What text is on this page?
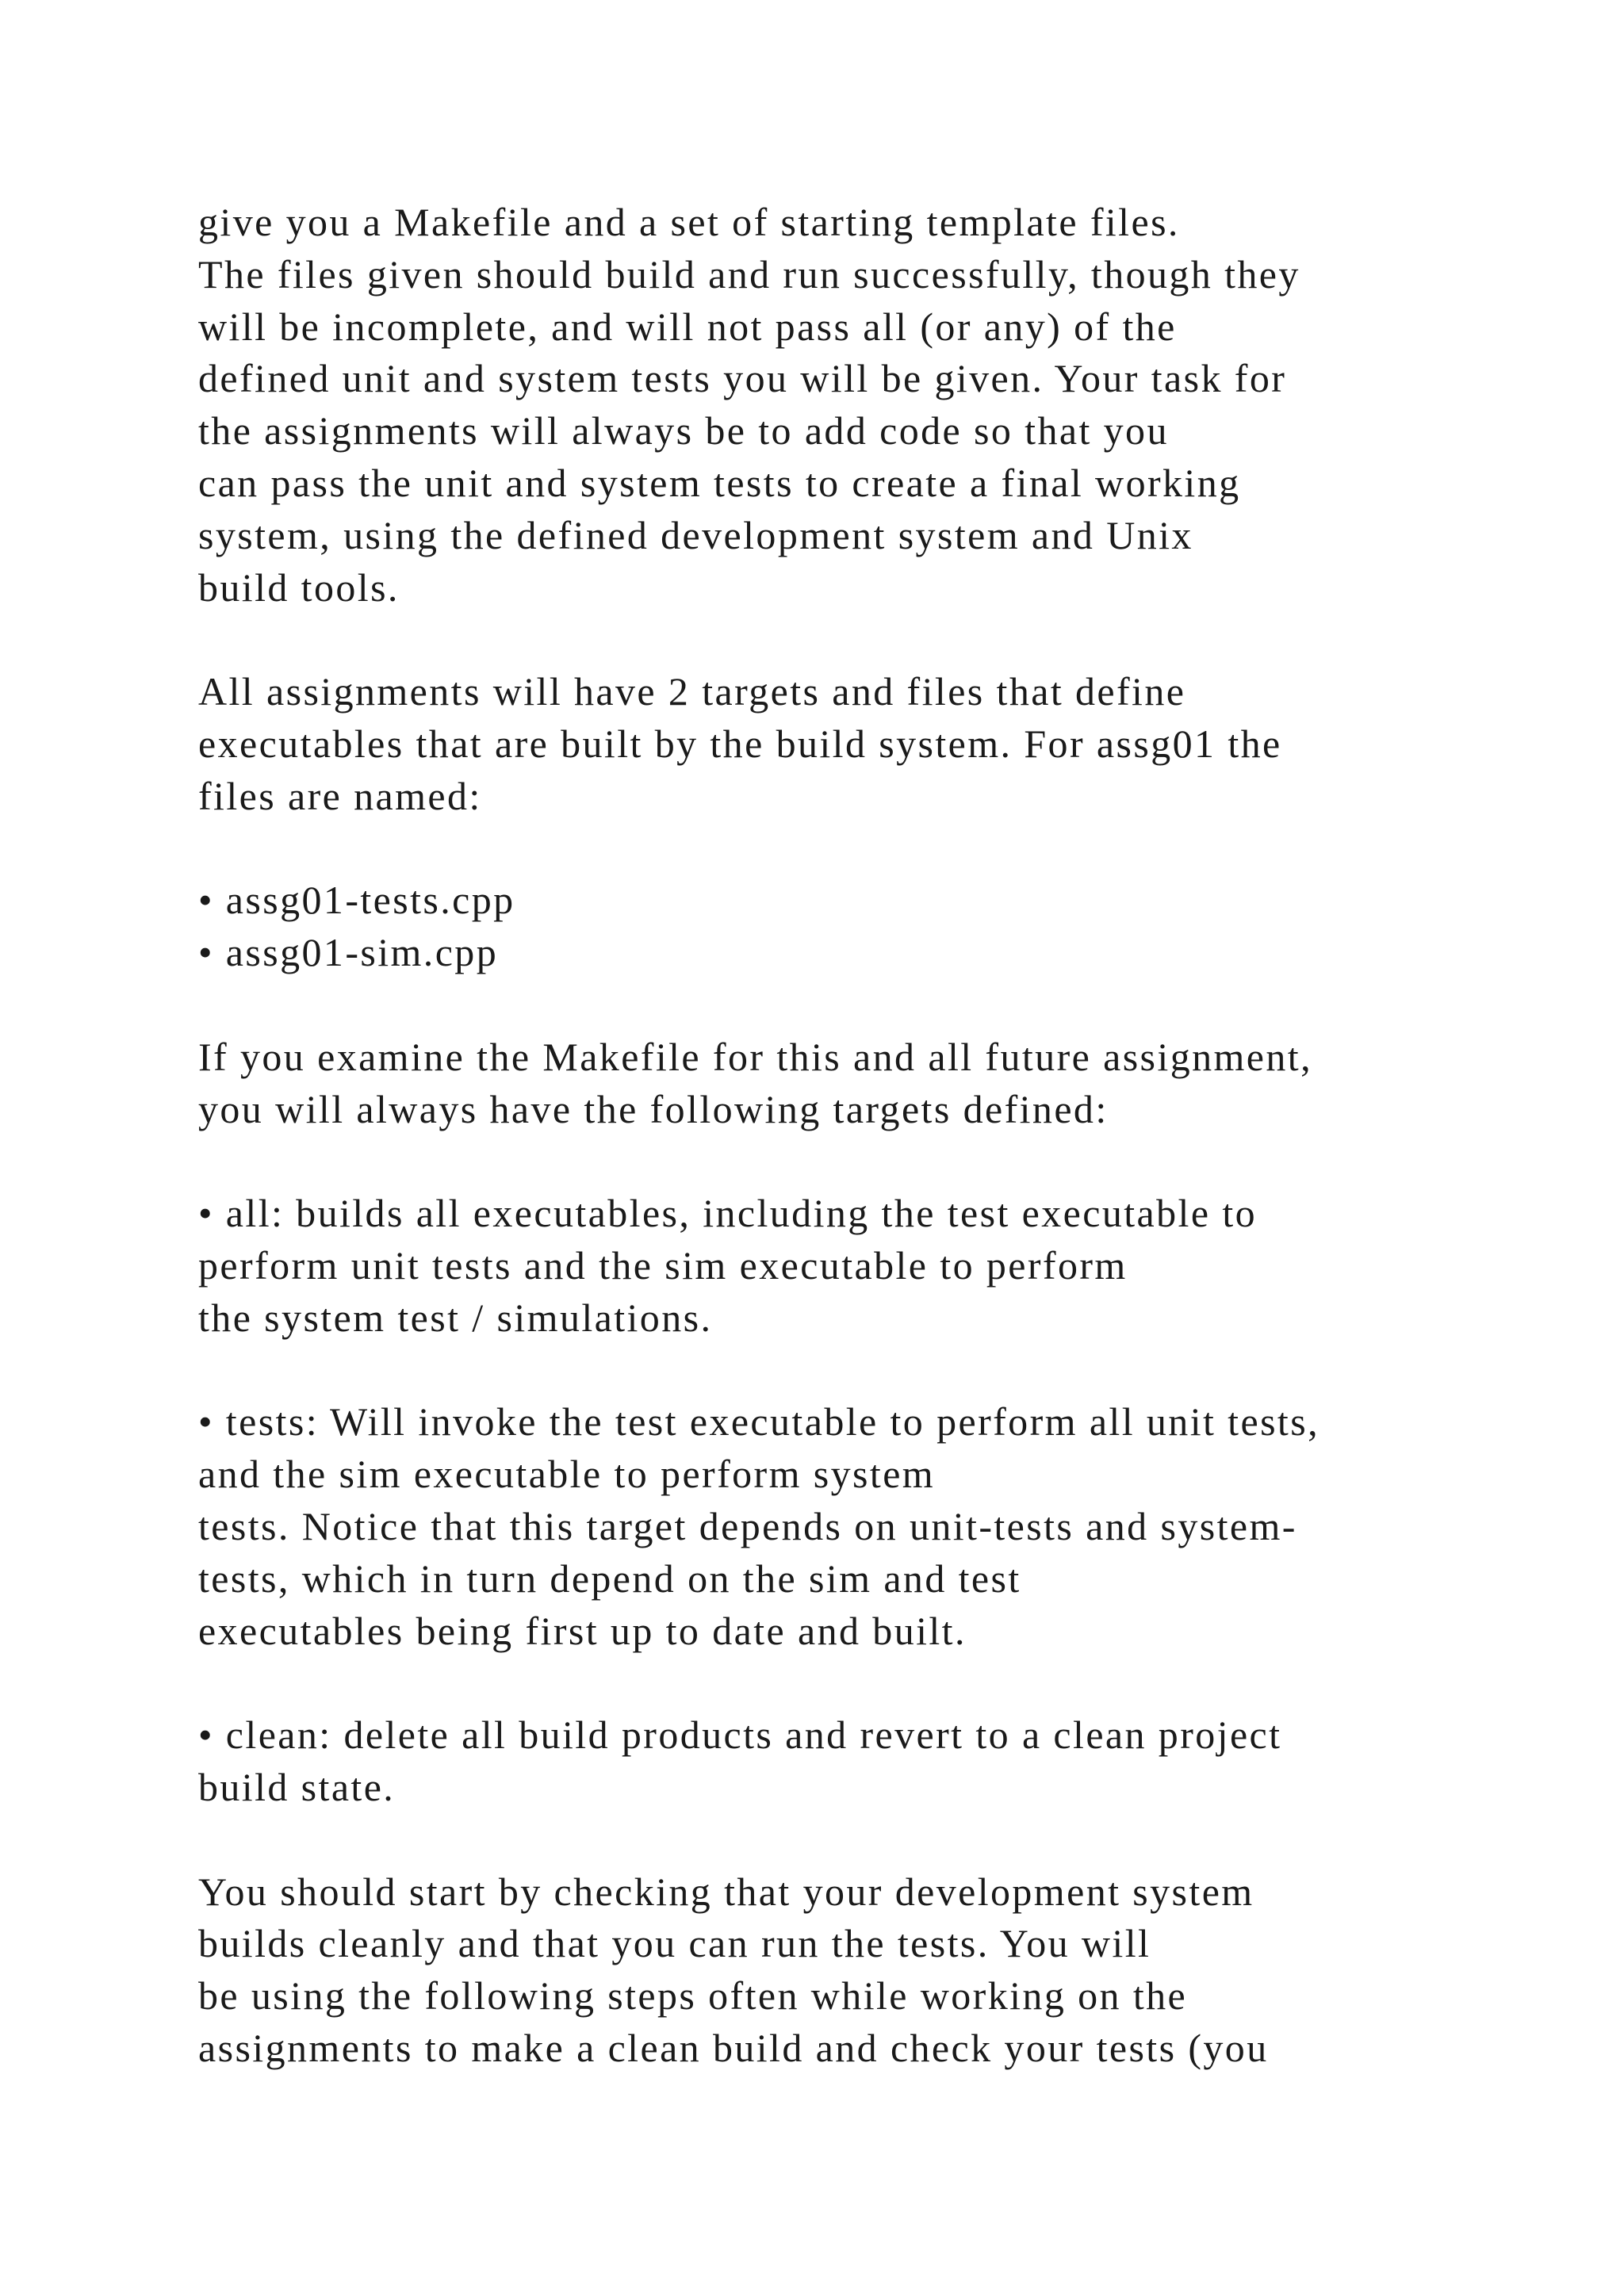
give you a Makefile and a set of starting template files.
The files given should build and run successfully, though they
will be incomplete, and will not pass all (or any) of the
defined unit and system tests you will be given. Your task for
the assignments will always be to add code so that you
can pass the unit and system tests to create a final working
system, using the defined development system and Unix
build tools.
All assignments will have 2 targets and files that define
executables that are built by the build system. For assg01 the
files are named:
• assg01-tests.cpp
• assg01-sim.cpp
If you examine the Makefile for this and all future assignment,
you will always have the following targets defined:
• all: builds all executables, including the test executable to
perform unit tests and the sim executable to perform
the system test / simulations.
• tests: Will invoke the test executable to perform all unit tests,
and the sim executable to perform system
tests. Notice that this target depends on unit-tests and system-
tests, which in turn depend on the sim and test
executables being first up to date and built.
• clean: delete all build products and revert to a clean project
build state.
You should start by checking that your development system
builds cleanly and that you can run the tests. You will
be using the following steps often while working on the
assignments to make a clean build and check your tests (you
